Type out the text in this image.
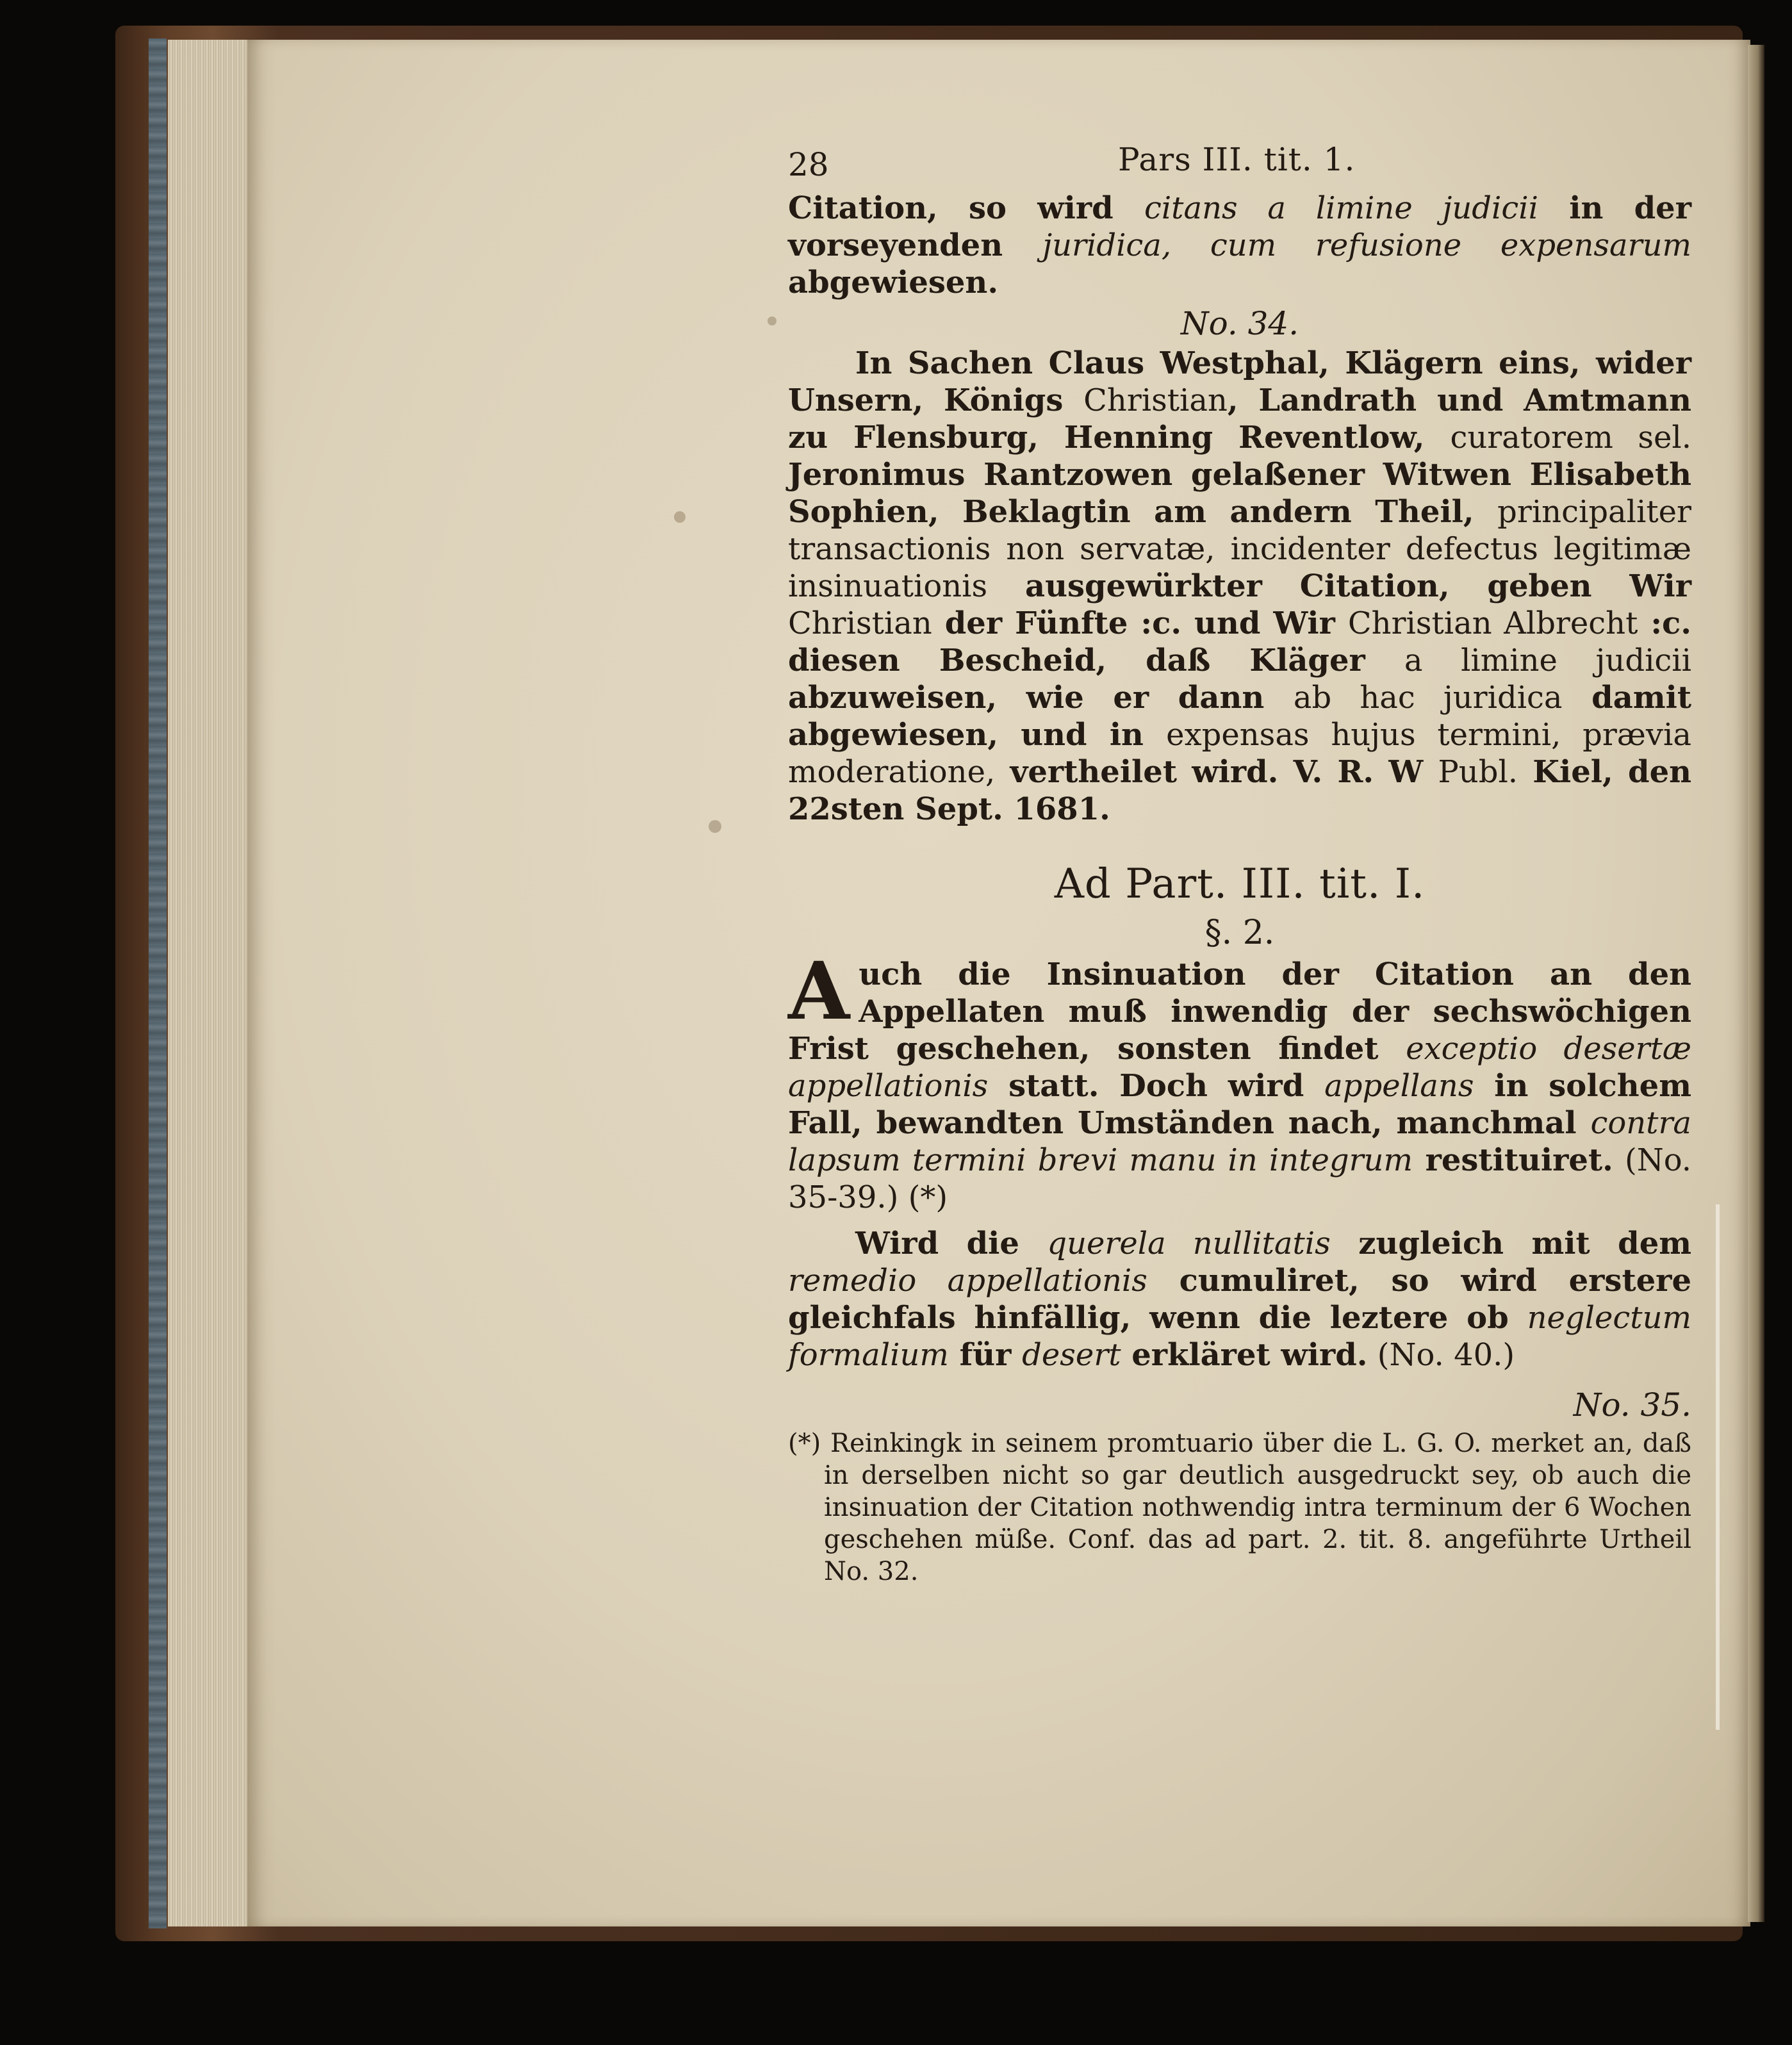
28	Pars III. tit. 1.

Citation, so wird citans a limine judicii in der vorseyenden juridica, cum refusione expensarum abgewiesen.

No. 34.

In Sachen Claus Westphal, Klägern eins, wider Unsern, Königs Christian, Landrath und Amtmann zu Flensburg, Henning Reventlow, curatorem sel. Jeronimus Rantzowen gelaßener Witwen Elisabeth Sophien, Beklagtin am andern Theil, principaliter transactionis non servatæ, incidenter defectus legitimæ insinuationis ausgewürkter Citation, geben Wir Christian der Fünfte :c. und Wir Christian Albrecht :c. diesen Bescheid, daß Kläger a limine judicii abzuweisen, wie er dann ab hac juridica damit abgewiesen, und in expensas hujus termini, prævia moderatione, vertheilet wird. V. R. W Publ. Kiel, den 22sten Sept. 1681.

Ad Part. III. tit. I.

§. 2.

Auch die Insinuation der Citation an den Appellaten muß inwendig der sechswöchigen Frist geschehen, sonsten findet exceptio desertæ appellationis statt. Doch wird appellans in solchem Fall, bewandten Umständen nach, manchmal contra lapsum termini brevi manu in integrum restituiret. (No. 35-39.) (*)

Wird die querela nullitatis zugleich mit dem remedio appellationis cumuliret, so wird erstere gleichfals hinfällig, wenn die leztere ob neglectum formalium für desert erkläret wird. (No. 40.)

No. 35.

(*) Reinkingk in seinem promtuario über die L. G. O. merket an, daß in derselben nicht so gar deutlich ausgedruckt sey, ob auch die insinuation der Citation nothwendig intra terminum der 6 Wochen geschehen müße. Conf. das ad part. 2. tit. 8. angeführte Urtheil No. 32.
